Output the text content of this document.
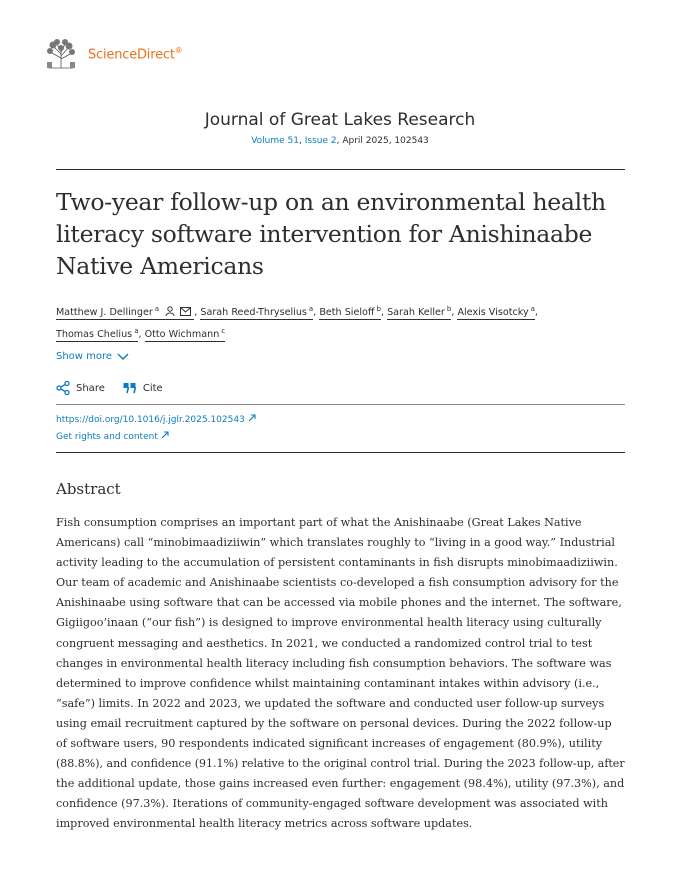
ScienceDirect®
Journal of Great Lakes Research
Volume 51, Issue 2, April 2025, 102543
Two-year follow-up on an environmental health
literacy software intervention for Anishinaabe
Native Americans
Matthew J. Dellinger $^a$	, Sarah Reed-Thryselius $^a$, Beth Sieloff $^b$, Sarah Keller $^b$, Alexis Visotcky $^a$,
Thomas Chelius $^a$, Otto Wichmann $^c$
Show more
Share	Cite
https://doi.org/10.1016/j.jglr.2025.102543
Get rights and content
Abstract
Fish consumption comprises an important part of what the Anishinaabe (Great Lakes Native
Americans) call “minobimaadiziiwin” which translates roughly to “living in a good way.” Industrial
activity leading to the accumulation of persistent contaminants in fish disrupts minobimaadiziiwin.
Our team of academic and Anishinaabe scientists co-developed a fish consumption advisory for the
Anishinaabe using software that can be accessed via mobile phones and the internet. The software,
Gigiigoo’inaan (“our fish”) is designed to improve environmental health literacy using culturally
congruent messaging and aesthetics. In 2021, we conducted a randomized control trial to test
changes in environmental health literacy including fish consumption behaviors. The software was
determined to improve confidence whilst maintaining contaminant intakes within advisory (i.e.,
“safe”) limits. In 2022 and 2023, we updated the software and conducted user follow-up surveys
using email recruitment captured by the software on personal devices. During the 2022 follow-up
of software users, 90 respondents indicated significant increases of engagement (80.9%), utility
(88.8%), and confidence (91.1%) relative to the original control trial. During the 2023 follow-up, after
the additional update, those gains increased even further: engagement (98.4%), utility (97.3%), and
confidence (97.3%). Iterations of community-engaged software development was associated with
improved environmental health literacy metrics across software updates.
